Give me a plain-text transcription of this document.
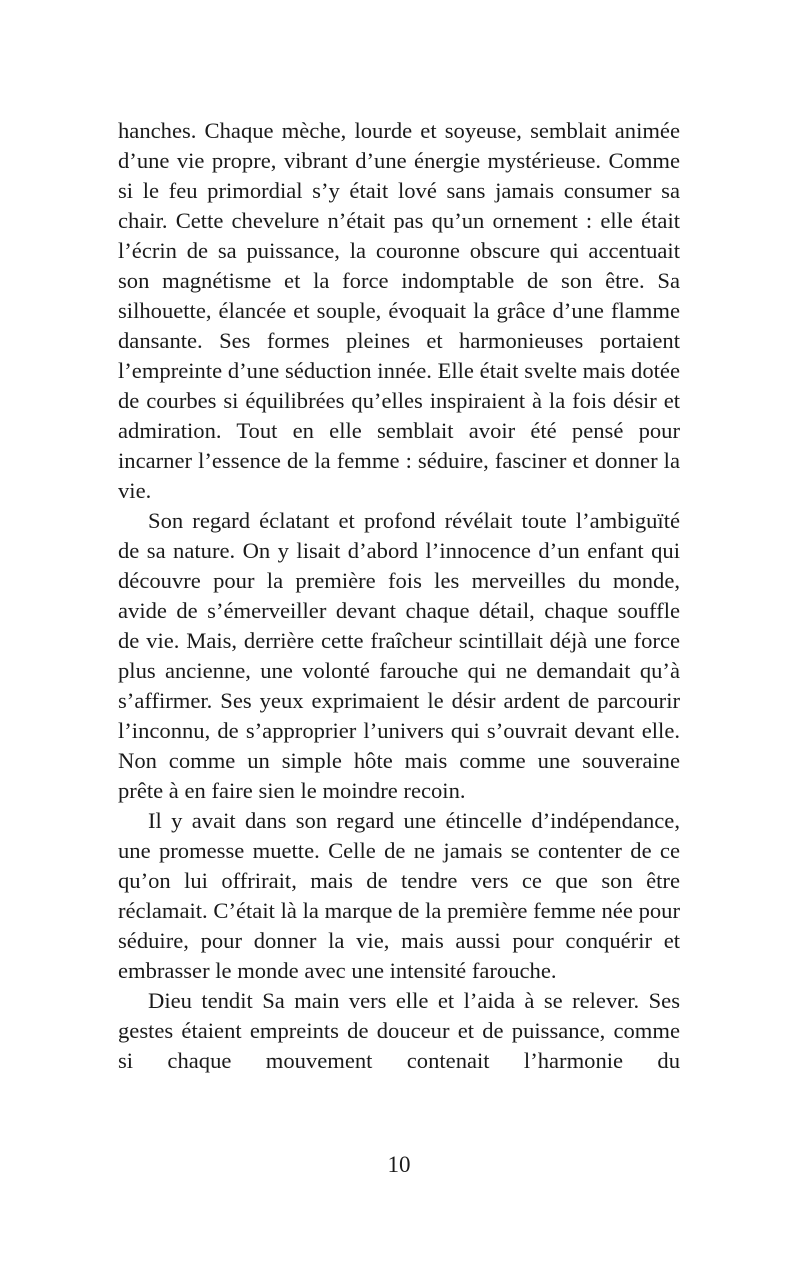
hanches. Chaque mèche, lourde et soyeuse, semblait animée d’une vie propre, vibrant d’une énergie mystérieuse. Comme si le feu primordial s’y était lové sans jamais consumer sa chair. Cette chevelure n’était pas qu’un ornement : elle était l’écrin de sa puissance, la couronne obscure qui accentuait son magnétisme et la force indomptable de son être. Sa silhouette, élancée et souple, évoquait la grâce d’une flamme dansante. Ses formes pleines et harmonieuses portaient l’empreinte d’une séduction innée. Elle était svelte mais dotée de courbes si équilibrées qu’elles inspiraient à la fois désir et admiration. Tout en elle semblait avoir été pensé pour incarner l’essence de la femme : séduire, fasciner et donner la vie.

Son regard éclatant et profond révélait toute l’ambiguïté de sa nature. On y lisait d’abord l’innocence d’un enfant qui découvre pour la première fois les merveilles du monde, avide de s’émerveiller devant chaque détail, chaque souffle de vie. Mais, derrière cette fraîcheur scintillait déjà une force plus ancienne, une volonté farouche qui ne demandait qu’à s’affirmer. Ses yeux exprimaient le désir ardent de parcourir l’inconnu, de s’approprier l’univers qui s’ouvrait devant elle. Non comme un simple hôte mais comme une souveraine prête à en faire sien le moindre recoin.

Il y avait dans son regard une étincelle d’indépendance, une promesse muette. Celle de ne jamais se contenter de ce qu’on lui offrirait, mais de tendre vers ce que son être réclamait. C’était là la marque de la première femme née pour séduire, pour donner la vie, mais aussi pour conquérir et embrasser le monde avec une intensité farouche.

Dieu tendit Sa main vers elle et l’aida à se relever. Ses gestes étaient empreints de douceur et de puissance, comme si chaque mouvement contenait l’harmonie du

10
